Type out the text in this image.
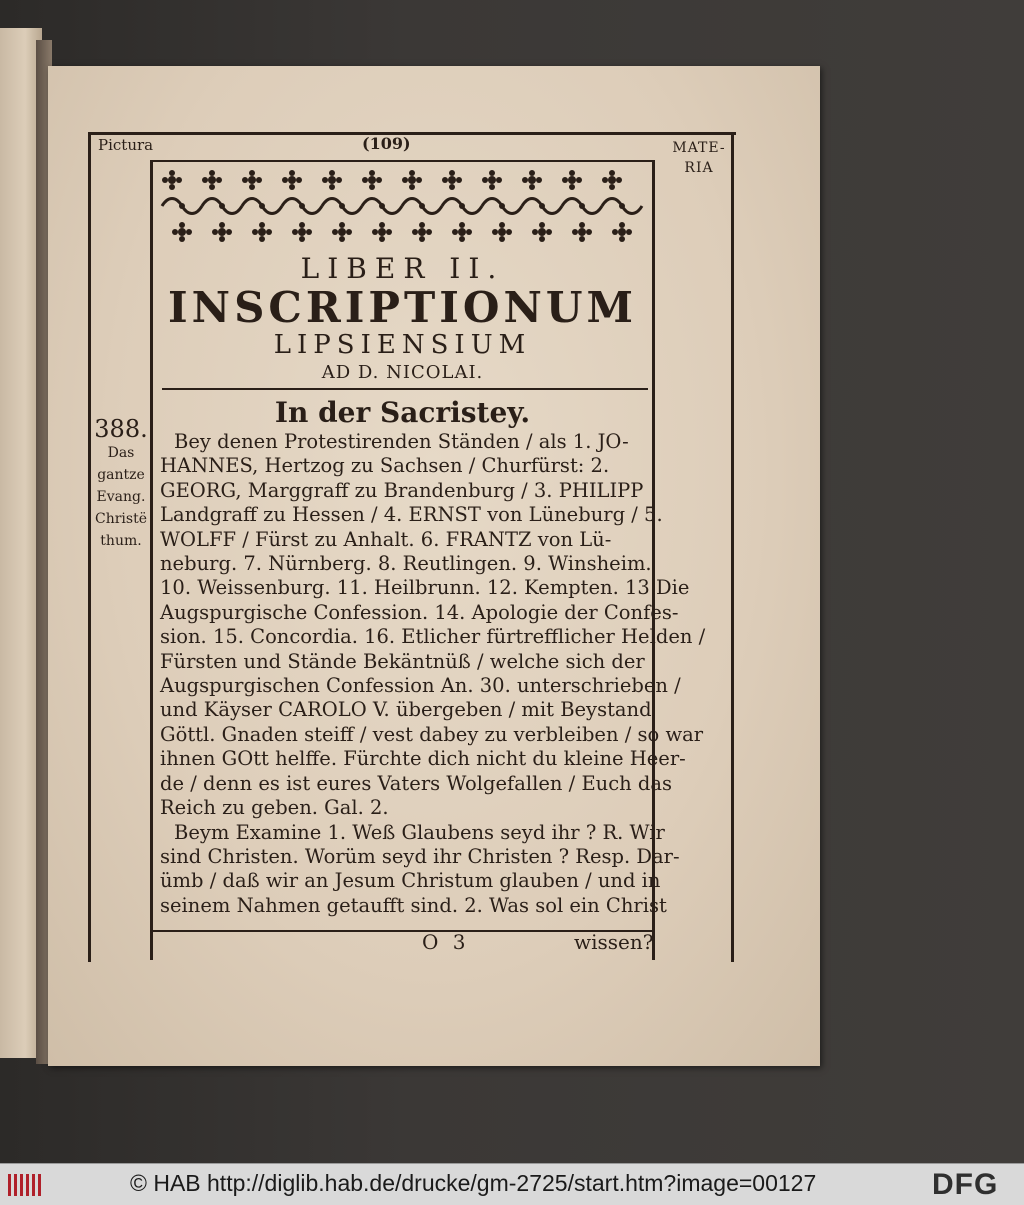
Pictura	(109)	MATE-
RIA
LIBER II.
INSCRIPTIONUM
LIPSIENSIUM
AD D. NICOLAI.
In der Sacristey.
388.
Das
gantze
Evang.
Christë
thum.
Bey denen Protestirenden Ständen / als 1. JO-
HANNES, Hertzog zu Sachsen / Churfürst: 2.
GEORG, Marggraff zu Brandenburg / 3. PHILIPP
Landgraff zu Hessen / 4. ERNST von Lüneburg / 5.
WOLFF / Fürst zu Anhalt. 6. FRANTZ von Lü-
neburg. 7. Nürnberg. 8. Reutlingen. 9. Winsheim.
10. Weissenburg. 11. Heilbrunn. 12. Kempten. 13 Die
Augspurgische Confession. 14. Apologie der Confes-
sion. 15. Concordia. 16. Etlicher fürtrefflicher Helden /
Fürsten und Stände Bekäntnüß / welche sich der
Augspurgischen Confession An. 30. unterschrieben /
und Käyser CAROLO V. übergeben / mit Beystand
Göttl. Gnaden steiff / vest dabey zu verbleiben / so war
ihnen GOtt helffe. Fürchte dich nicht du kleine Heer-
de / denn es ist eures Vaters Wolgefallen / Euch das
Reich zu geben. Gal. 2.
Beym Examine 1. Weß Glaubens seyd ihr ? R. Wir
sind Christen. Worüm seyd ihr Christen ? Resp. Dar-
ümb / daß wir an Jesum Christum glauben / und in
seinem Nahmen getaufft sind. 2. Was sol ein Christ
O 3	wissen?
© HAB http://diglib.hab.de/drucke/gm-2725/start.htm?image=00127	DFG
